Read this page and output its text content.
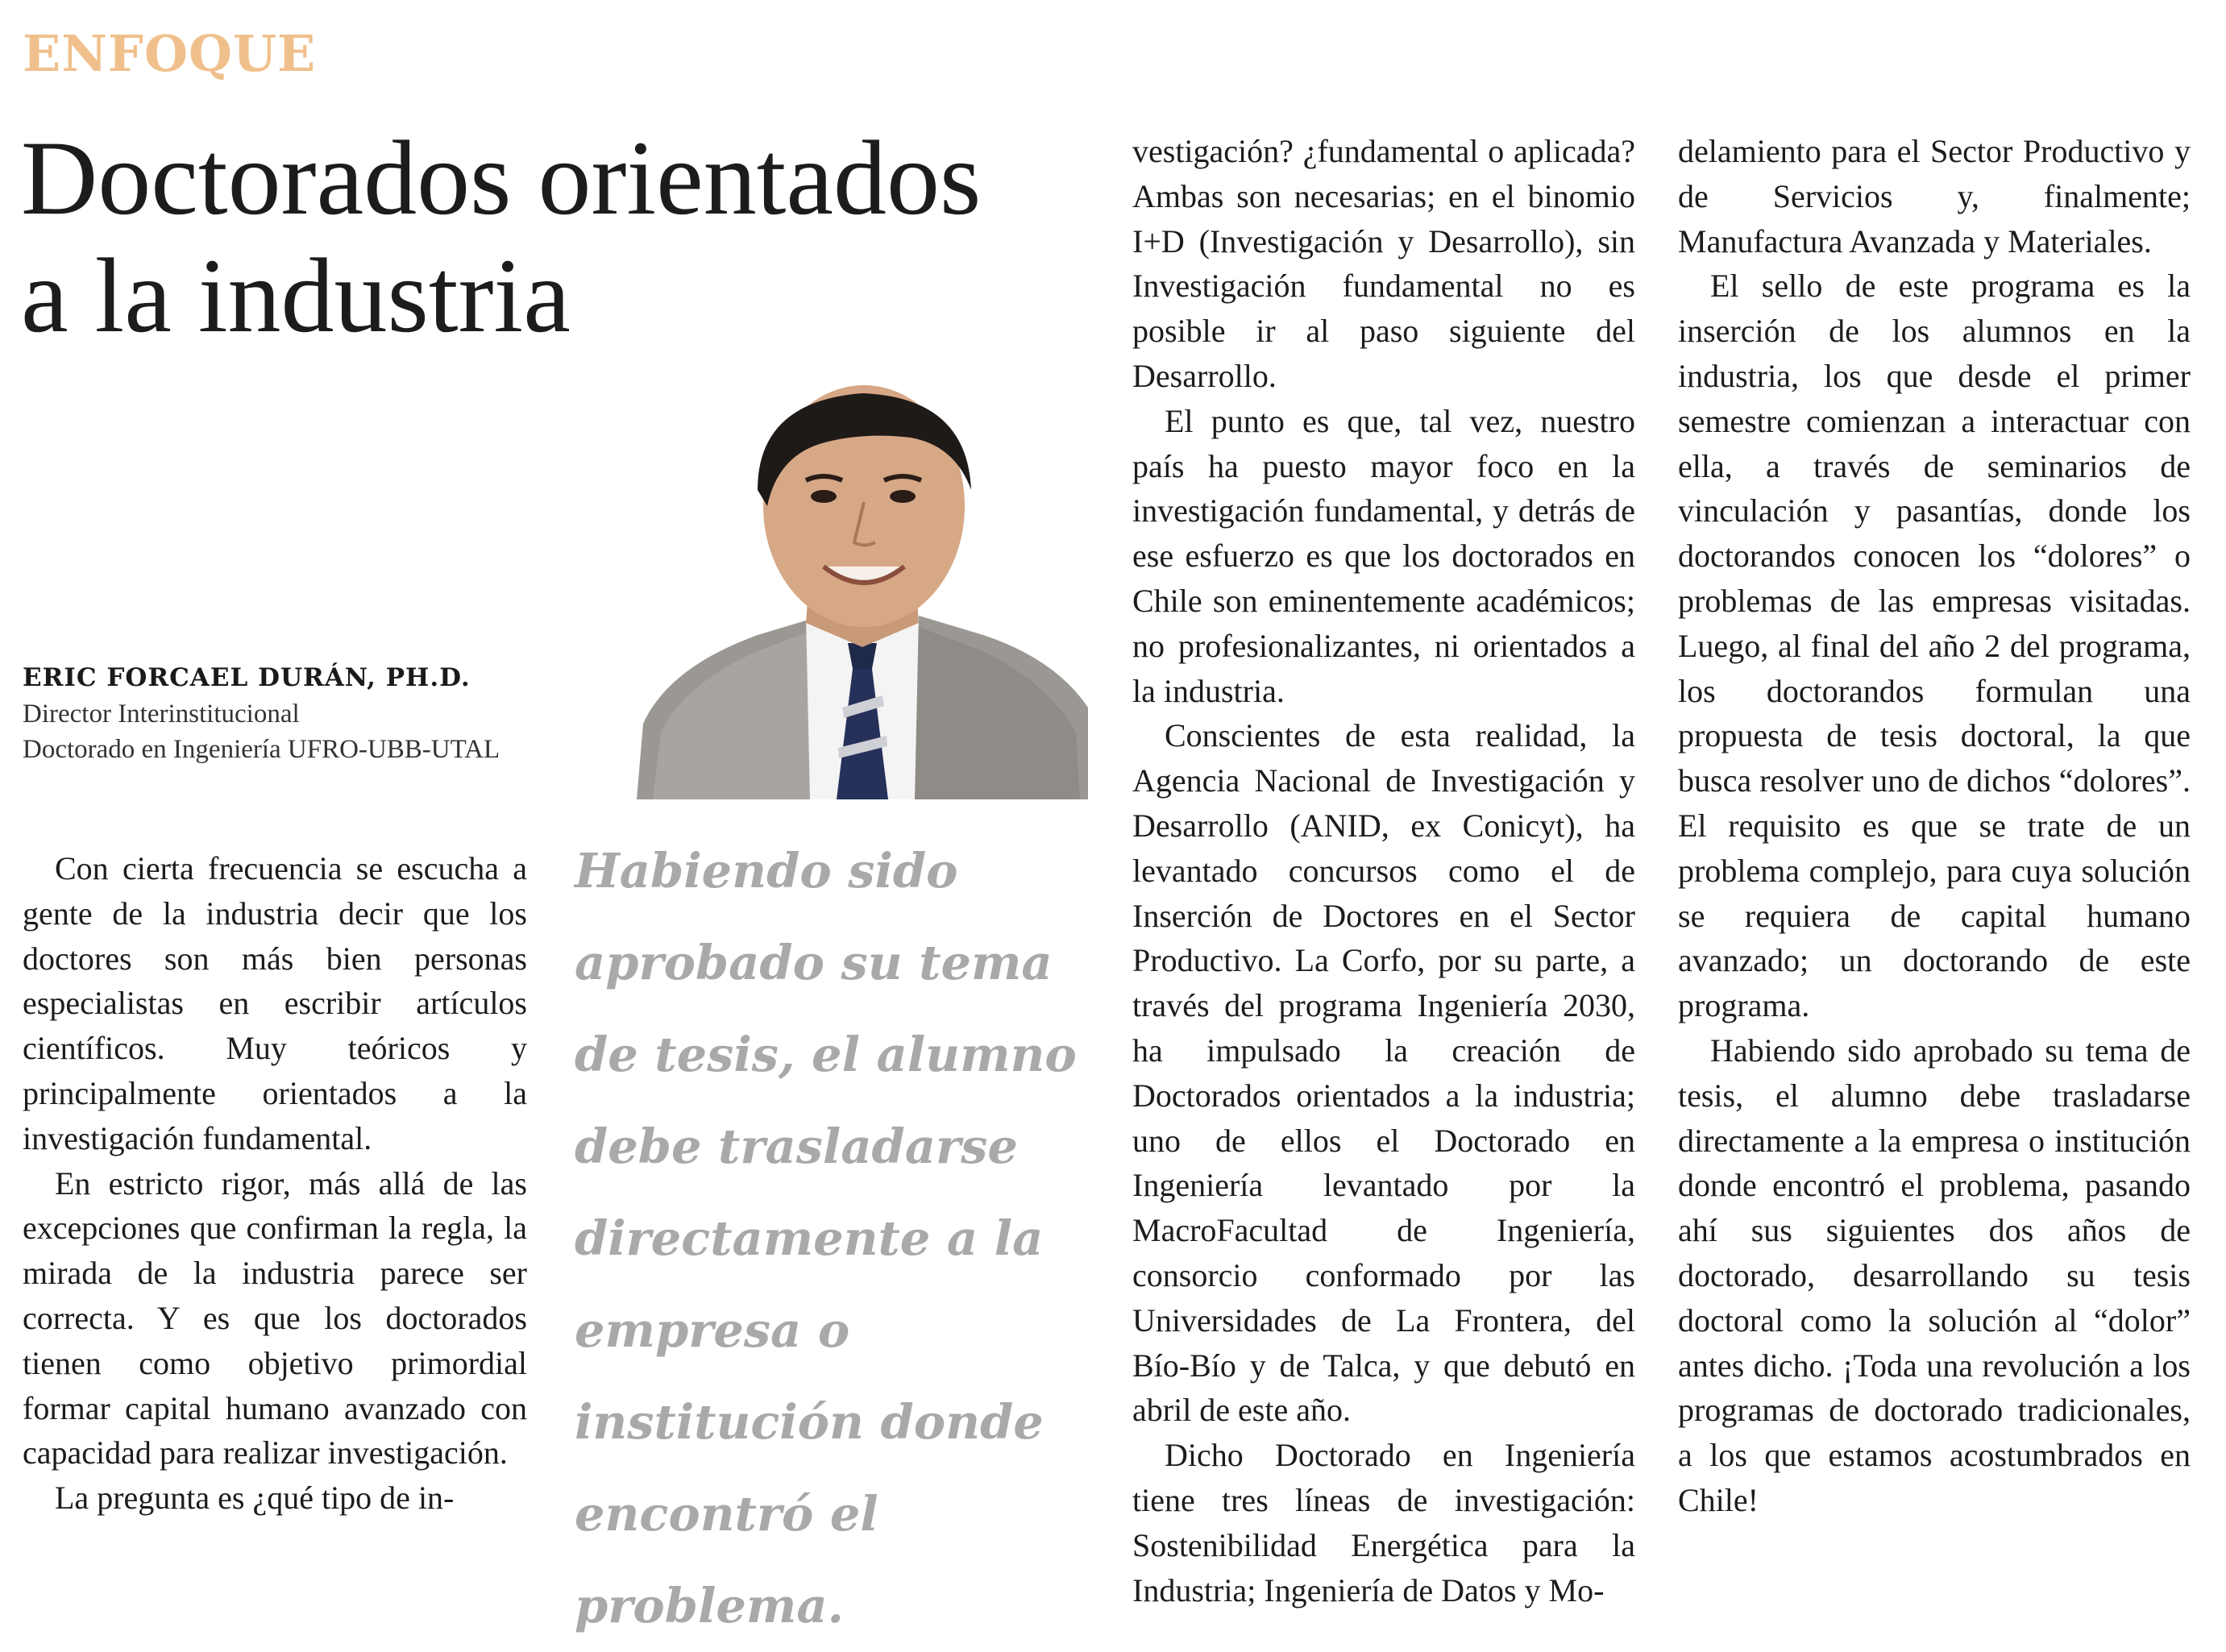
ENFOQUE
Doctorados orientados
a la industria
ERIC FORCAEL DURÁN, PH.D.
Director Interinstitucional
Doctorado en Ingeniería UFRO-UBB-UTAL
Habiendo sido aprobado su tema de tesis, el alumno debe trasladarse directamente a la empresa o institución donde encontró el problema.

Con cierta frecuencia se escucha a gente de la industria decir que los doctores son más bien personas especialistas en escribir artículos científicos. Muy teóricos y principalmente orientados a la investigación fundamental.

En estricto rigor, más allá de las excepciones que confirman la regla, la mirada de la industria parece ser correcta. Y es que los doctorados tienen como objetivo primordial formar capital humano avanzado con capacidad para realizar investigación.

La pregunta es ¿qué tipo de in-

vestigación? ¿fundamental o aplicada? Ambas son necesarias; en el binomio I+D (Investigación y Desarrollo), sin Investigación fundamental no es posible ir al paso siguiente del Desarrollo.

El punto es que, tal vez, nuestro país ha puesto mayor foco en la investigación fundamental, y detrás de ese esfuerzo es que los doctorados en Chile son eminentemente académicos; no profesionalizantes, ni orientados a la industria.

Conscientes de esta realidad, la Agencia Nacional de Investigación y Desarrollo (ANID, ex Conicyt), ha levantado concursos como el de Inserción de Doctores en el Sector Productivo. La Corfo, por su parte, a través del programa Ingeniería 2030, ha impulsado la creación de Doctorados orientados a la industria; uno de ellos el Doctorado en Ingeniería levantado por la MacroFacultad de Ingeniería, consorcio conformado por las Universidades de La Frontera, del Bío-Bío y de Talca, y que debutó en abril de este año.

Dicho Doctorado en Ingeniería tiene tres líneas de investigación: Sostenibilidad Energética para la Industria; Ingeniería de Datos y Mo-

delamiento para el Sector Productivo y de Servicios y, finalmente; Manufactura Avanzada y Materiales.

El sello de este programa es la inserción de los alumnos en la industria, los que desde el primer semestre comienzan a interactuar con ella, a través de seminarios de vinculación y pasantías, donde los doctorandos conocen los “dolores” o problemas de las empresas visitadas. Luego, al final del año 2 del programa, los doctorandos formulan una propuesta de tesis doctoral, la que busca resolver uno de dichos “dolores”. El requisito es que se trate de un problema complejo, para cuya solución se requiera de capital humano avanzado; un doctorando de este programa.

Habiendo sido aprobado su tema de tesis, el alumno debe trasladarse directamente a la empresa o institución donde encontró el problema, pasando ahí sus siguientes dos años de doctorado, desarrollando su tesis doctoral como la solución al “dolor” antes dicho. ¡Toda una revolución a los programas de doctorado tradicionales, a los que estamos acostumbrados en Chile!
